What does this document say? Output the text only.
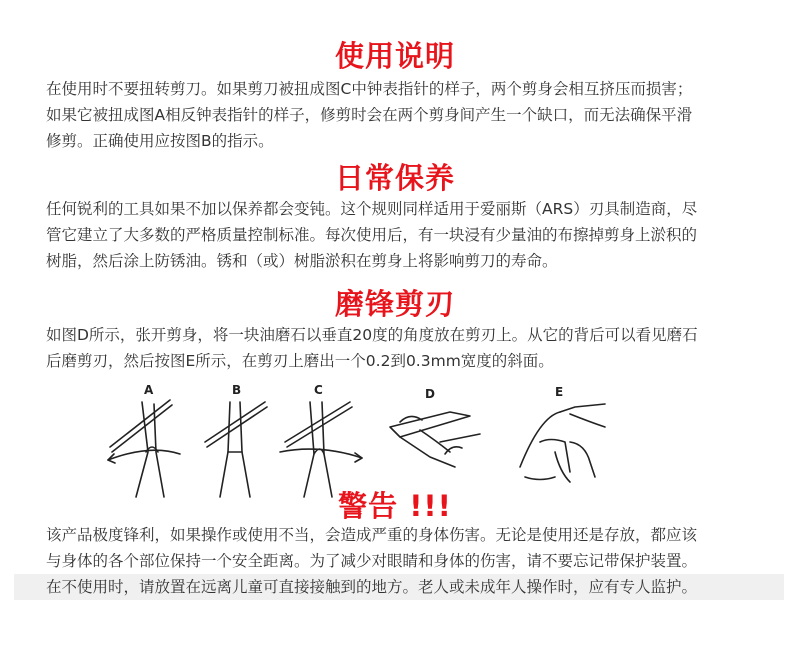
使用说明
在使用时不要扭转剪刀。如果剪刀被扭成图C中钟表指针的样子，两个剪身会相互挤压而损害；
如果它被扭成图A相反钟表指针的样子，修剪时会在两个剪身间产生一个缺口，而无法确保平滑
修剪。正确使用应按图B的指示。
日常保养
任何锐利的工具如果不加以保养都会变钝。这个规则同样适用于爱丽斯（ARS）刃具制造商，尽
管它建立了大多数的严格质量控制标准。每次使用后，有一块浸有少量油的布擦掉剪身上淤积的
树脂，然后涂上防锈油。锈和（或）树脂淤积在剪身上将影响剪刀的寿命。
磨锋剪刃
如图D所示，张开剪身，将一块油磨石以垂直20度的角度放在剪刃上。从它的背后可以看见磨石
后磨剪刃，然后按图E所示，在剪刃上磨出一个0.2到0.3mm宽度的斜面。
A	B	C	D	E
警告 !!!
该产品极度锋利，如果操作或使用不当，会造成严重的身体伤害。无论是使用还是存放，都应该
与身体的各个部位保持一个安全距离。为了减少对眼睛和身体的伤害，请不要忘记带保护装置。
在不使用时，请放置在远离儿童可直接接触到的地方。老人或未成年人操作时，应有专人监护。
